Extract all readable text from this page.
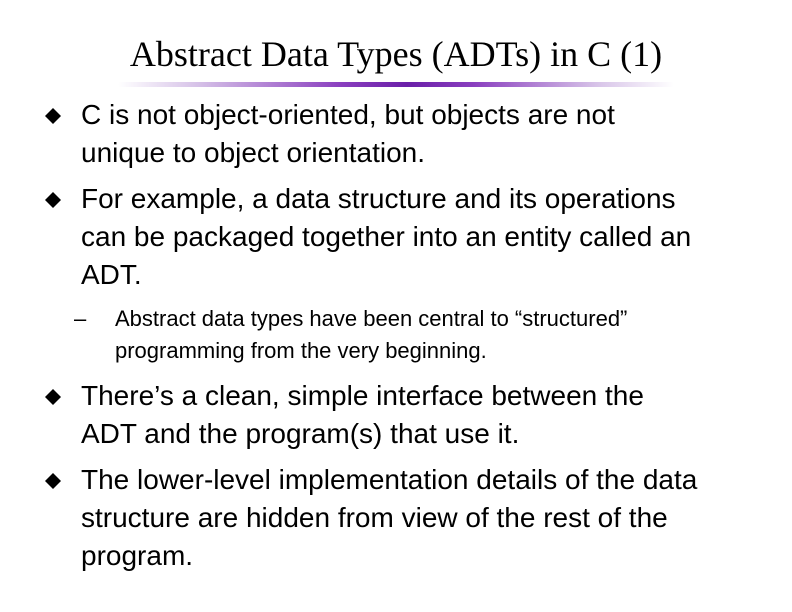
Abstract Data Types (ADTs) in C (1)
C is not object-oriented, but objects are not
unique to object orientation.
For example, a data structure and its operations
can be packaged together into an entity called an
ADT.
– Abstract data types have been central to “structured”
programming from the very beginning.
There’s a clean, simple interface between the
ADT and the program(s) that use it.
The lower-level implementation details of the data
structure are hidden from view of the rest of the
program.
